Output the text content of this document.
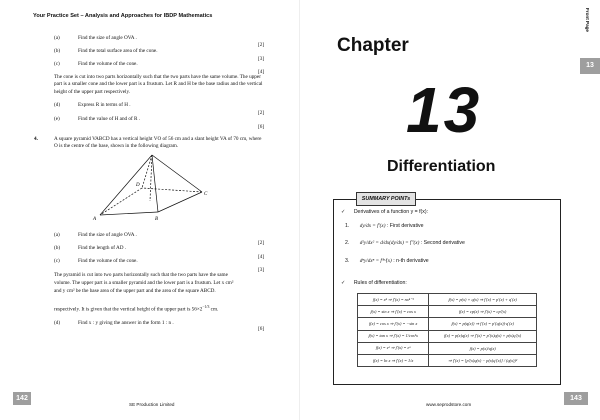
Your Practice Set – Analysis and Approaches for IBDP Mathematics
(a)	Find the size of angle OVA .
[2]
(b)	Find the total surface area of the cone.
[3]
(c)	Find the volume of the cone.
[4]
The cone is cut into two parts horizontally such that the two parts have the same volume. The upper part is a smaller cone and the lower part is a frustum. Let R and H be the base radius and the vertical height of the upper part respectively.
(d)	Express R in terms of H .
[2]
(e)	Find the value of H and of R .
[6]
4.	A square pyramid VABCD has a vertical height VO of 56 cm and a slant height VA of 70 cm, where O is the centre of the base, shown in the following diagram.
A	B
C
D
(a)	Find the size of angle OVA .
[2]
(b)	Find the length of AD .
[4]
(c)	Find the volume of the cone.
[3]
The pyramid is cut into two parts horizontally such that the two parts have the same
volume. The upper part is a smaller pyramid and the lower part is a frustum. Let x cm²
and y cm² be the base area of the upper part and the area of the square ABCD.
respectively. It is given that the vertical height of the upper part is $56\times 2^{-1/3}$ cm.
(d)	Find x : y giving the answer in the form 1 : n .
[6]
142
SE Production Limited
Front Page
13
Chapter
13
Differentiation
SUMMARY POINTs
✓ Derivatives of a function y = f(x):
1. dy/dx = f′(x) : First derivative
2. d²y/dx² = d/dx(dy/dx) = f″(x) : Second derivative
3. dⁿy/dxⁿ = f⁽ⁿ⁾(x) : n-th derivative
✓ Rules of differentiation:
f(x) = xⁿ ⇒ f′(x) = nxⁿ⁻¹	f(x) = p(x) + q(x) ⇒ f′(x) = p′(x) + q′(x)
f(x) = sin x ⇒ f′(x) = cos x	f(x) = cp(x) ⇒ f′(x) = cp′(x)
f(x) = cos x ⇒ f′(x) = −sin x	f(x) = p(q(x)) ⇒ f′(x) = p′(q(x))·q′(x)
f(x) = tan x ⇒ f′(x) = 1/cos²x	f(x) = p(x)q(x) ⇒ f′(x) = p′(x)q(x) + p(x)q′(x)
f(x) = eˣ ⇒ f′(x) = eˣ	f(x) = p(x)/q(x)
f(x) = ln x ⇒ f′(x) = 1/x	⇒ f′(x) = [p′(x)q(x) − p(x)q′(x)] / (q(x))²
143
www.seprodstore.com
